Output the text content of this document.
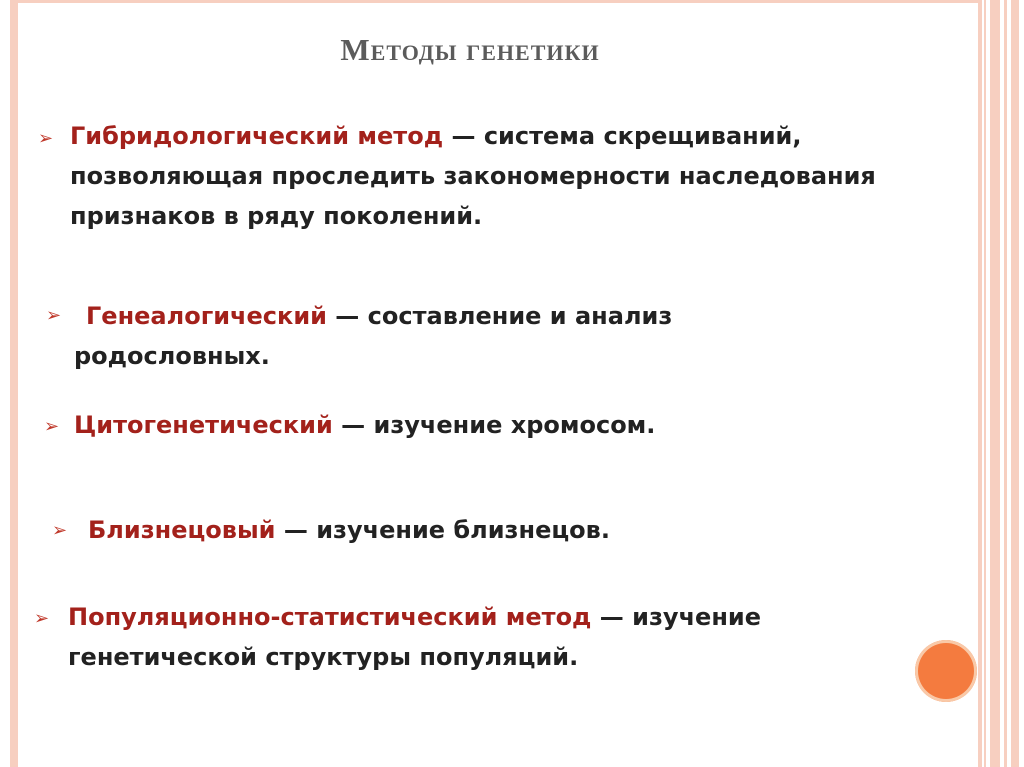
Методы генетики
➢ Гибридологический метод — система скрещиваний, позволяющая проследить закономерности наследования признаков в ряду поколений.
➢	Генеалогический — составление и анализ родословных.
➢ Цитогенетический — изучение хромосом.
➢ Близнецовый — изучение близнецов.
➢ Популяционно-статистический метод — изучение генетической структуры популяций.
